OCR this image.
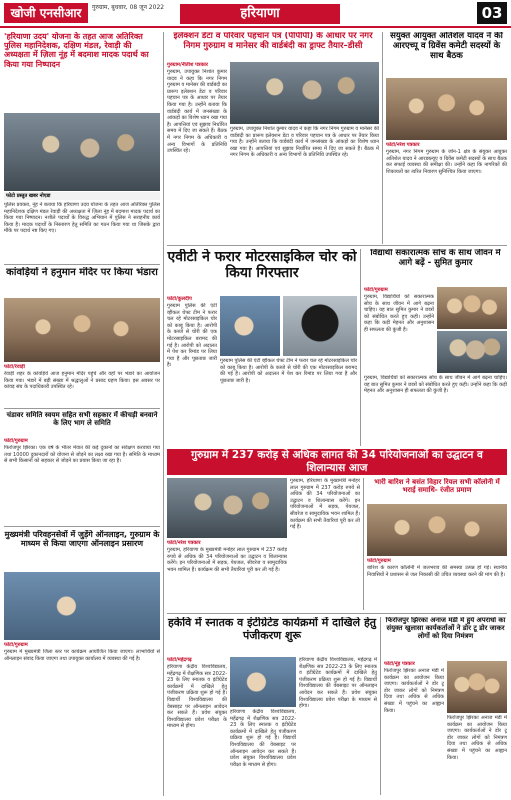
खोजी एनसीआर	गुरुग्राम, बुधवार, 08 जून 2022	हरियाणा	03
'हरियाणा उदय' योजना के तहत आज अतिरिक्त पुलिस महानिदेशक, दक्षिण मंडल, रेवाड़ी की अध्यक्षता में ज़िला नूंह में बदमाश मादक पदार्थ का किया गया निष्पादन
फोटो प्रस्तुत खबर नोएडा
पुलिस प्रवक्ता, नूंह ने बताया कि हरियाणा उदय योजना के तहत आज अतिरिक्त पुलिस महानिदेशक दक्षिण मंडल रेवाड़ी की अध्यक्षता में ज़िला नूंह में बदमाश मादक पदार्थ का किया गया निष्पादन। नशीले पदार्थों के विरुद्ध अभियान में पुलिस ने सराहनीय कार्य किया है। मादक पदार्थों के निस्तारण हेतु समिति का गठन किया गया था जिसके द्वारा मौके पर पदार्थ नष्ट किए गए।
कांवड़ियों ने हनुमान मंदिर पर किया भंडारा
फोटो/रेवाड़ी
रेवाड़ी शहर के कांवड़िये आज हनुमान मंदिर पहुंचे और वहाँ पर भंडारे का आयोजन किया गया। भंडारे में बड़ी संख्या में श्रद्धालुओं ने प्रसाद ग्रहण किया। इस अवसर पर कांवड़ संघ के पदाधिकारी उपस्थित रहे।
चंडावर समिति स्वयम सहित सभी सहकार में कीचड़ी बनवाने के लिए भाग ले समिति
फोटो/गुरुग्राम
फिरोजपुर झिरका। एक वर्ष के भीतर मेवात की कई दुकानों का सर्वेक्षण करवाया गया तथा 10000 दुकानदारों को योजना से जोड़ने का लक्ष्य रखा गया है। समिति के माध्यम से सभी किसानों को सहकार से जोड़ने का प्रयास किया जा रहा है।
मुख्यमंत्री परिवहनसेवों में जुड़ेंगे ऑनलाइन, गुरुग्राम के माध्यम से किया जाएगा ऑनलाइन प्रसारण
फोटो/गुरुग्राम
गुरुग्राम में मुख्यमंत्री जिला स्तर पर कार्यक्रम आयोजित किया जाएगा। लाभार्थियों से ऑनलाइन संवाद किया जाएगा तथा उपायुक्त कार्यालय में व्यवस्था की गई है।
इलेक्शन डेटा व परिवार पहचान पत्र (पीपीपी) के आधार पर नगर निगम गुरुग्राम व मानेसर की वार्डबंदी का ड्राफ्ट तैयार–डीसी
गुरुग्राम/नीतीश पत्रकार
गुरुग्राम, उपायुक्त निशांत कुमार यादव ने कहा कि नगर निगम गुरुग्राम व मानेसर की वार्डबंदी का प्रारूप इलेक्शन डेटा व परिवार पहचान पत्र के आधार पर तैयार किया गया है। उन्होंने बताया कि वार्डबंदी कार्य में जनसंख्या के आंकड़ों का विशेष ध्यान रखा गया है। आपत्तियां एवं सुझाव निर्धारित समय में दिए जा सकते हैं। बैठक में नगर निगम के अधिकारी व अन्य विभागों के प्रतिनिधि उपस्थित रहे।
गुरुग्राम, उपायुक्त निशांत कुमार यादव ने कहा कि नगर निगम गुरुग्राम व मानेसर की वार्डबंदी का प्रारूप इलेक्शन डेटा व परिवार पहचान पत्र के आधार पर तैयार किया गया है। उन्होंने बताया कि वार्डबंदी कार्य में जनसंख्या के आंकड़ों का विशेष ध्यान रखा गया है। आपत्तियां एवं सुझाव निर्धारित समय में दिए जा सकते हैं। बैठक में नगर निगम के अधिकारी व अन्य विभागों के प्रतिनिधि उपस्थित रहे।
संयुक्त आयुक्त अतिशेल यादव ने की आरएच्पू व ग्रिवेंस कमेटी सदस्यों के साथ बैठक
फोटो/नरेश पत्रकार
गुरुग्राम, नगर निगम गुरुग्राम के जोन-1 क्षेत्र के संयुक्त आयुक्त अतिशेल यादव ने आरडब्ल्यूए व ग्रिवेंस कमेटी सदस्यों के साथ बैठक कर सफाई व्यवस्था की समीक्षा की। उन्होंने कहा कि नागरिकों की शिकायतों का त्वरित निवारण सुनिश्चित किया जाएगा।
एवीटी ने फरार मोटरसाइकिल चोर को किया गिरफ्तार
फोटो/कुलदीप
गुरुग्राम पुलिस की एंटी व्हीकल थेफ्ट टीम ने फरार चल रहे मोटरसाइकिल चोर को काबू किया है। आरोपी के कब्जे से चोरी की एक मोटरसाइकिल बरामद की गई है। आरोपी को अदालत में पेश कर रिमांड पर लिया गया है और पूछताछ जारी है।
गुरुग्राम पुलिस की एंटी व्हीकल थेफ्ट टीम ने फरार चल रहे मोटरसाइकिल चोर को काबू किया है। आरोपी के कब्जे से चोरी की एक मोटरसाइकिल बरामद की गई है। आरोपी को अदालत में पेश कर रिमांड पर लिया गया है और पूछताछ जारी है।
विद्यार्थी सकारात्मक सोच के साथ जीवन में आगे बढ़ें - सुमित कुमार
फोटो/गुरुग्राम
गुरुग्राम, विद्यार्थियों को सकारात्मक सोच के साथ जीवन में आगे बढ़ना चाहिए। यह बात सुमित कुमार ने छात्रों को संबोधित करते हुए कही। उन्होंने कहा कि कड़ी मेहनत और अनुशासन ही सफलता की कुंजी है।
गुरुग्राम, विद्यार्थियों को सकारात्मक सोच के साथ जीवन में आगे बढ़ना चाहिए। यह बात सुमित कुमार ने छात्रों को संबोधित करते हुए कही। उन्होंने कहा कि कड़ी मेहनत और अनुशासन ही सफलता की कुंजी है।
गुरुग्राम में 237 करोड़ से अधिक लागत की 34 परियोजनाओं का उद्घाटन व शिलान्यास आज
फोटो/नरेश पत्रकार
गुरुग्राम, हरियाणा के मुख्यमंत्री मनोहर लाल गुरुग्राम में 237 करोड़ रुपये से अधिक की 34 परियोजनाओं का उद्घाटन व शिलान्यास करेंगे। इन परियोजनाओं में सड़क, पेयजल, सीवरेज व सामुदायिक भवन शामिल हैं। कार्यक्रम की सभी तैयारियां पूरी कर ली गई हैं।
गुरुग्राम, हरियाणा के मुख्यमंत्री मनोहर लाल गुरुग्राम में 237 करोड़ रुपये से अधिक की 34 परियोजनाओं का उद्घाटन व शिलान्यास करेंगे। इन परियोजनाओं में सड़क, पेयजल, सीवरेज व सामुदायिक भवन शामिल हैं। कार्यक्रम की सभी तैयारियां पूरी कर ली गई हैं।
भारी बारिश ने बसंत विहार रियल सभी कॉलोनी में भराई समाधि- रंजीत प्रमाण
फोटो/गुरुग्राम
बारिश के कारण कॉलोनी में जलभराव की समस्या उत्पन्न हो गई। स्थानीय निवासियों ने प्रशासन से जल निकासी की उचित व्यवस्था करने की मांग की है।
हकेवि में स्नातक व इंटीग्रेटेड कार्यक्रमों में दाखिले हेतु पंजीकरण शुरू
फोटो/महेंद्रगढ़
हरियाणा केंद्रीय विश्वविद्यालय, महेंद्रगढ़ में शैक्षणिक सत्र 2022-23 के लिए स्नातक व इंटीग्रेटेड कार्यक्रमों में दाखिले हेतु पंजीकरण प्रक्रिया शुरू हो गई है। विद्यार्थी विश्वविद्यालय की वेबसाइट पर ऑनलाइन आवेदन कर सकते हैं। प्रवेश संयुक्त विश्वविद्यालय प्रवेश परीक्षा के माध्यम से होगा।
हरियाणा केंद्रीय विश्वविद्यालय, महेंद्रगढ़ में शैक्षणिक सत्र 2022-23 के लिए स्नातक व इंटीग्रेटेड कार्यक्रमों में दाखिले हेतु पंजीकरण प्रक्रिया शुरू हो गई है। विद्यार्थी विश्वविद्यालय की वेबसाइट पर ऑनलाइन आवेदन कर सकते हैं। प्रवेश संयुक्त विश्वविद्यालय प्रवेश परीक्षा के माध्यम से होगा।
हरियाणा केंद्रीय विश्वविद्यालय, महेंद्रगढ़ में शैक्षणिक सत्र 2022-23 के लिए स्नातक व इंटीग्रेटेड कार्यक्रमों में दाखिले हेतु पंजीकरण प्रक्रिया शुरू हो गई है। विद्यार्थी विश्वविद्यालय की वेबसाइट पर ऑनलाइन आवेदन कर सकते हैं। प्रवेश संयुक्त विश्वविद्यालय प्रवेश परीक्षा के माध्यम से होगा।
फिरोजपुर झिरका अनाज मंडी में हुये अपराधों का संयुक्त खुलासा कार्यकर्ताओं ने डोर टू डोर जाकर लोगों को दिया निमंत्रण
फोटो/नूंह पत्रकार
फिरोजपुर झिरका अनाज मंडी में कार्यक्रम का आयोजन किया जाएगा। कार्यकर्ताओं ने डोर टू डोर जाकर लोगों को निमंत्रण दिया तथा अधिक से अधिक संख्या में पहुंचने का आह्वान किया।
फिरोजपुर झिरका अनाज मंडी में कार्यक्रम का आयोजन किया जाएगा। कार्यकर्ताओं ने डोर टू डोर जाकर लोगों को निमंत्रण दिया तथा अधिक से अधिक संख्या में पहुंचने का आह्वान किया।
